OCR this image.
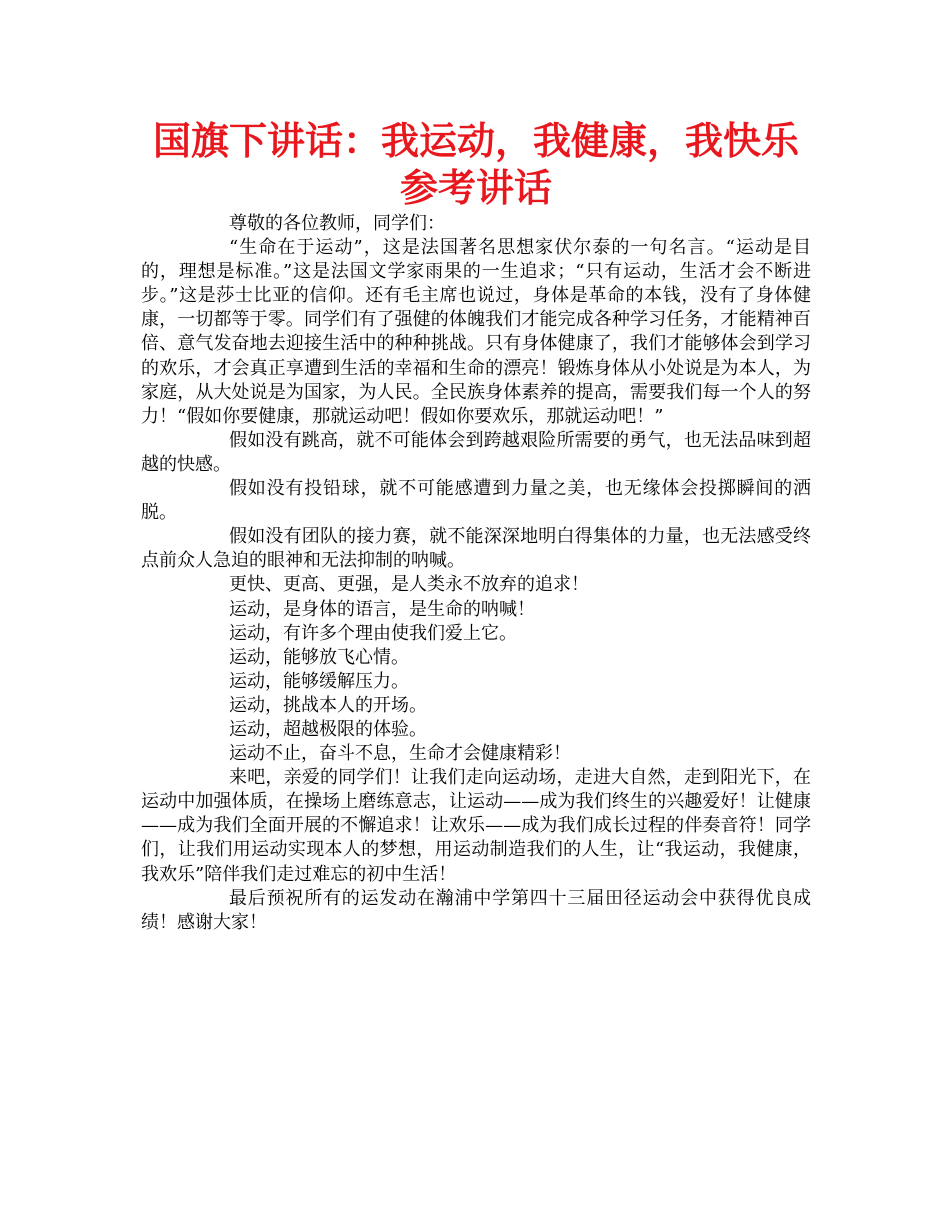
国旗下讲话：我运动，我健康，我快乐参考讲话

尊敬的各位教师，同学们：

“生命在于运动”，这是法国著名思想家伏尔泰的一句名言。“运动是目的，理想是标准。”这是法国文学家雨果的一生追求；“只有运动，生活才会不断进步。”这是莎士比亚的信仰。还有毛主席也说过，身体是革命的本钱，没有了身体健康，一切都等于零。同学们有了强健的体魄我们才能完成各种学习任务，才能精神百倍、意气发奋地去迎接生活中的种种挑战。只有身体健康了，我们才能够体会到学习的欢乐，才会真正享遭到生活的幸福和生命的漂亮！锻炼身体从小处说是为本人，为家庭，从大处说是为国家，为人民。全民族身体素养的提高，需要我们每一个人的努力！“假如你要健康，那就运动吧！假如你要欢乐，那就运动吧！”

假如没有跳高，就不可能体会到跨越艰险所需要的勇气，也无法品味到超越的快感。

假如没有投铅球，就不可能感遭到力量之美，也无缘体会投掷瞬间的洒脱。

假如没有团队的接力赛，就不能深深地明白得集体的力量，也无法感受终点前众人急迫的眼神和无法抑制的呐喊。

更快、更高、更强，是人类永不放弃的追求！

运动，是身体的语言，是生命的呐喊！

运动，有许多个理由使我们爱上它。

运动，能够放飞心情。

运动，能够缓解压力。

运动，挑战本人的开场。

运动，超越极限的体验。

运动不止，奋斗不息，生命才会健康精彩！

来吧，亲爱的同学们！让我们走向运动场，走进大自然，走到阳光下，在运动中加强体质，在操场上磨练意志，让运动——成为我们终生的兴趣爱好！让健康——成为我们全面开展的不懈追求！让欢乐——成为我们成长过程的伴奏音符！同学们，让我们用运动实现本人的梦想，用运动制造我们的人生，让“我运动，我健康，我欢乐”陪伴我们走过难忘的初中生活！

最后预祝所有的运发动在瀚浦中学第四十三届田径运动会中获得优良成绩！感谢大家！
